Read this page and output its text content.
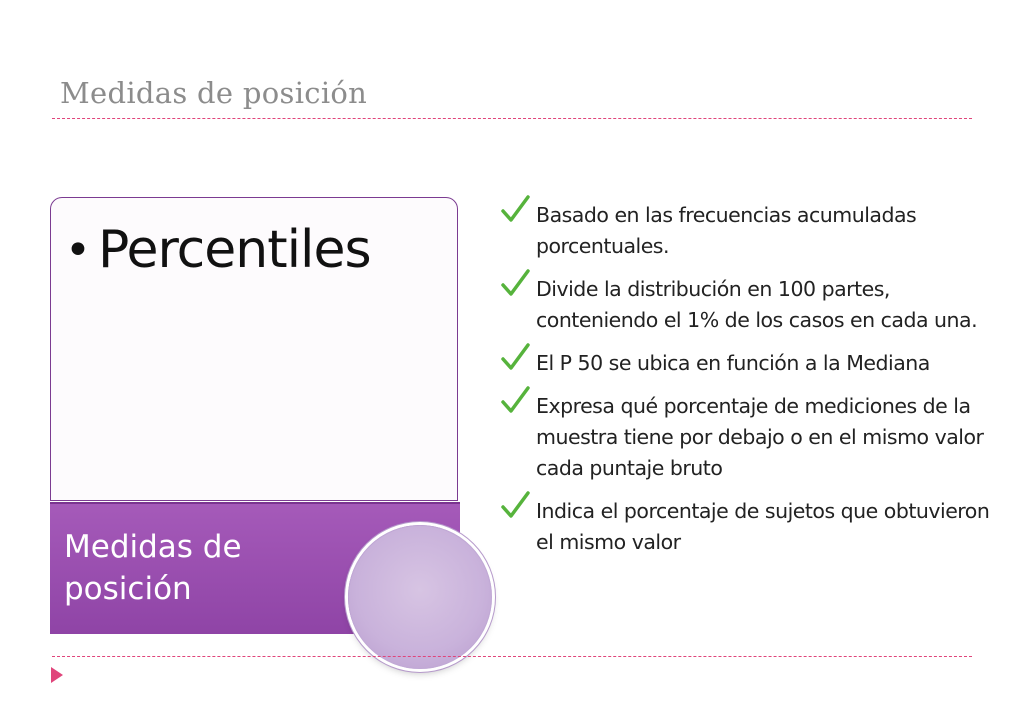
Medidas de posición
• Percentiles
Medidas de posición
Basado en las frecuencias acumuladas porcentuales.
Divide la distribución en 100 partes, conteniendo el 1% de los casos en cada una.
El P 50 se ubica en función a la Mediana
Expresa qué porcentaje de mediciones de la muestra tiene por debajo o en el mismo valor cada puntaje bruto
Indica el porcentaje de sujetos que obtuvieron el mismo valor
